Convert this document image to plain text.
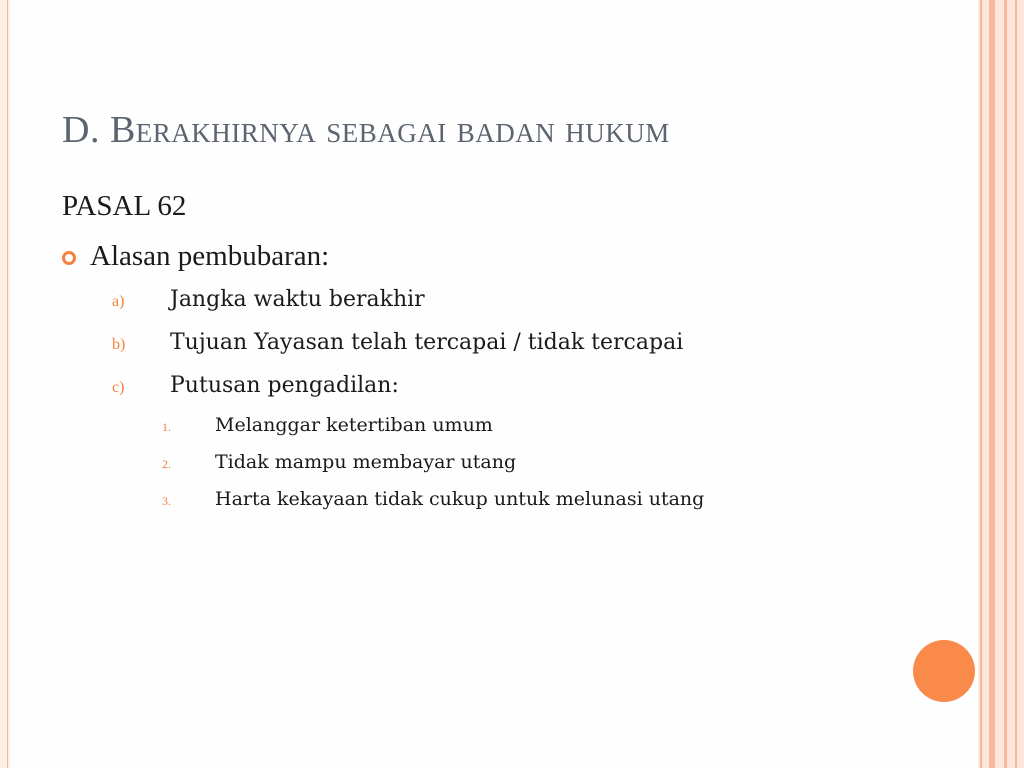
D. Berakhirnya sebagai badan hukum
PASAL 62
Alasan pembubaran:
a)	Jangka waktu berakhir
b)	Tujuan Yayasan telah tercapai / tidak tercapai
c)	Putusan pengadilan:
1.	Melanggar ketertiban umum
2.	Tidak mampu membayar utang
3.	Harta kekayaan tidak cukup untuk melunasi utang
